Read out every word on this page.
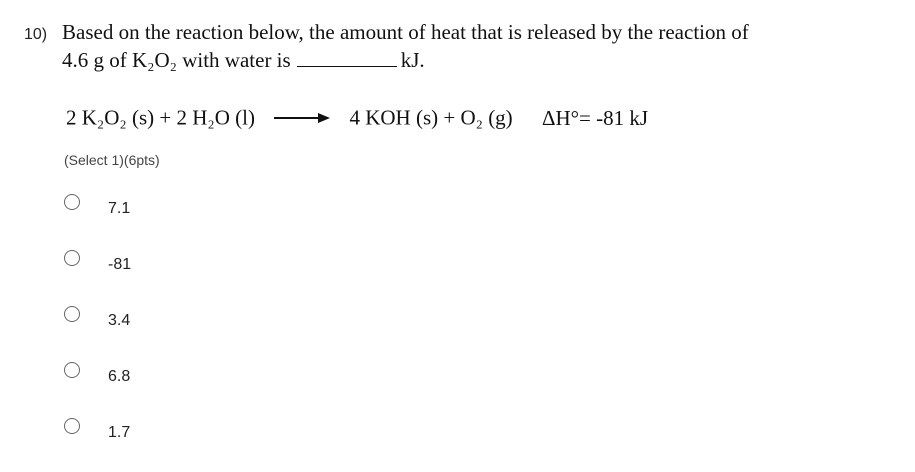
10) Based on the reaction below, the amount of heat that is released by the reaction of
4.6 g of K₂O₂ with water is	kJ.
2 K₂O₂ (s) + 2 H₂O (l) → 4 KOH (s) + O₂ (g) ΔH°= -81 kJ
(Select 1)(6pts)
7.1
-81
3.4
6.8
1.7
